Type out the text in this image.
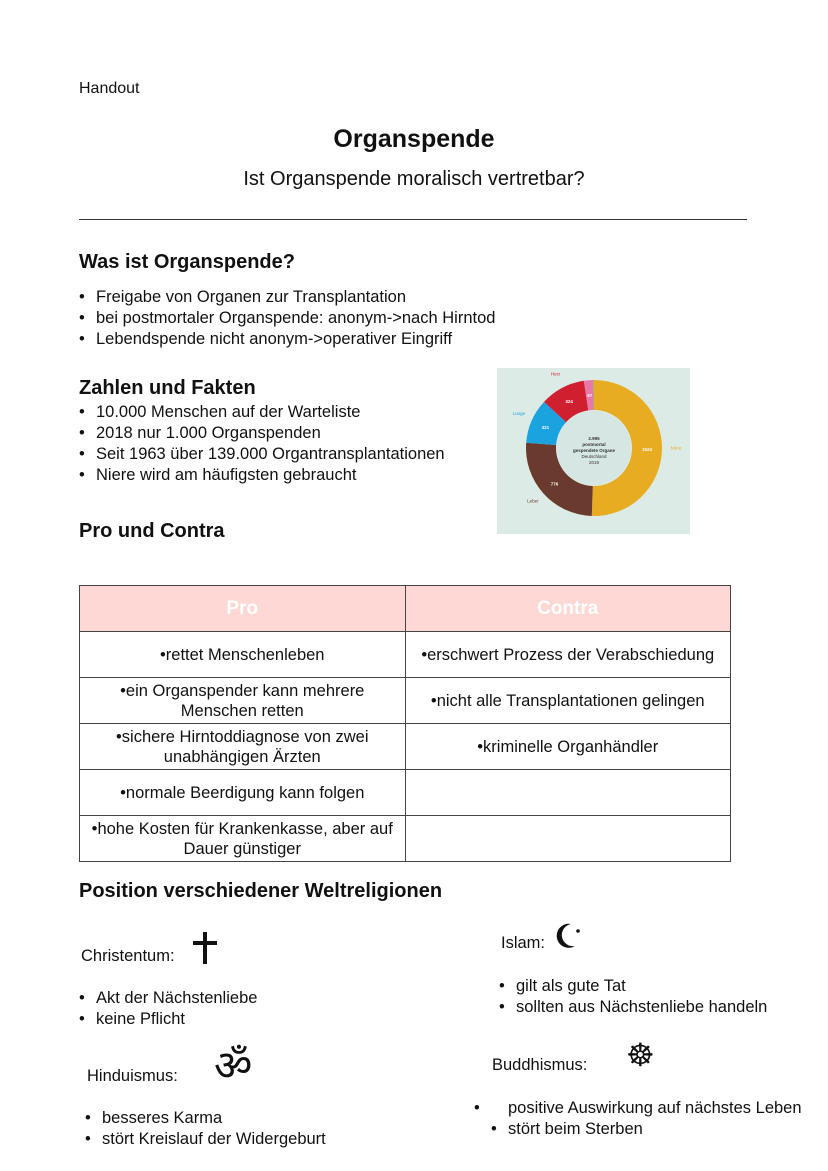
Handout
Organspende
Ist Organspende moralisch vertretbar?
Was ist Organspende?
• Freigabe von Organen zur Transplantation
• bei postmortaler Organspende: anonym->nach Hirntod
• Lebendspende nicht anonym->operativer Eingriff
Zahlen und Fakten
• 10.000 Menschen auf der Warteliste
• 2018 nur 1.000 Organspenden
• Seit 1963 über 139.000 Organtransplantationen
• Niere wird am häufigsten gebraucht
1524	Niere
776
Leber
321
Lunge
324
Herz
67
2.995
postmortal
gespendete Organe
Deutschland
2019
Pro und Contra
Pro	Contra
•rettet Menschenleben	•erschwert Prozess der Verabschiedung
•ein Organspender kann mehrere Menschen retten	•nicht alle Transplantationen gelingen
•sichere Hirntoddiagnose von zwei unabhängigen Ärzten	•kriminelle Organhändler
•normale Beerdigung kann folgen	
•hohe Kosten für Krankenkasse, aber auf Dauer günstiger	
Position verschiedener Weltreligionen
Christentum:
• Akt der Nächstenliebe
• keine Pflicht
Islam:
• gilt als gute Tat
• sollten aus Nächstenliebe handeln
Hinduismus: ॐ
• besseres Karma
• stört Kreislauf der Widergeburt
Buddhismus: ☸
• positive Auswirkung auf nächstes Leben
• stört beim Sterben
